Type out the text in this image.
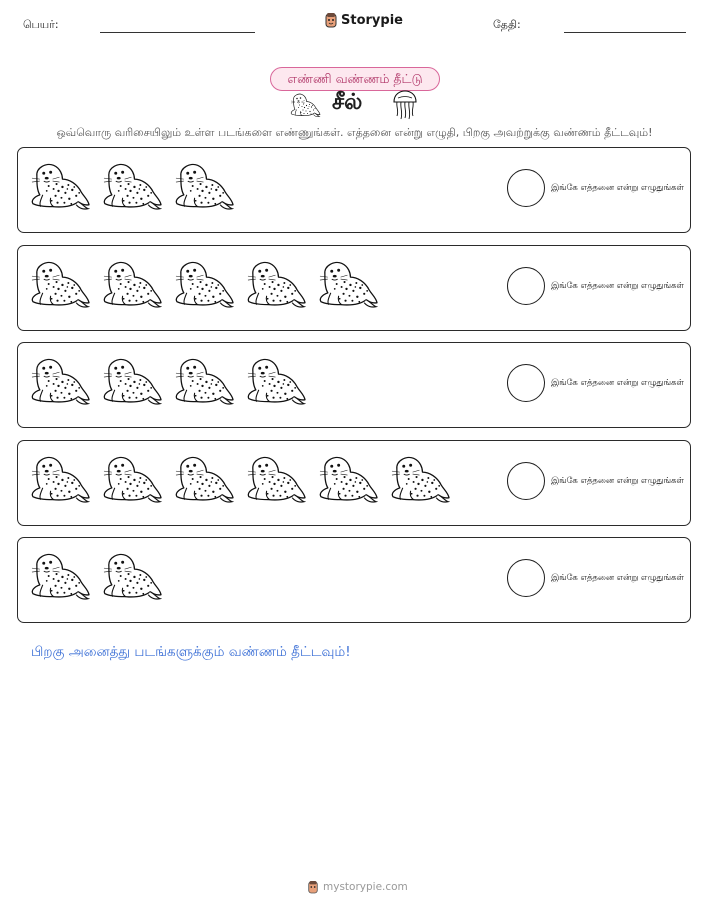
பெயர்:	Storypie	தேதி:
எண்ணி வண்ணம் தீட்டு
சீல்
ஒவ்வொரு வரிசையிலும் உள்ள படங்களை எண்ணுங்கள். எத்தனை என்று எழுதி, பிறகு அவற்றுக்கு வண்ணம் தீட்டவும்!
இங்கே எத்தனை என்று எழுதுங்கள்
இங்கே எத்தனை என்று எழுதுங்கள்
இங்கே எத்தனை என்று எழுதுங்கள்
இங்கே எத்தனை என்று எழுதுங்கள்
இங்கே எத்தனை என்று எழுதுங்கள்
பிறகு அனைத்து படங்களுக்கும் வண்ணம் தீட்டவும்!
mystorypie.com
